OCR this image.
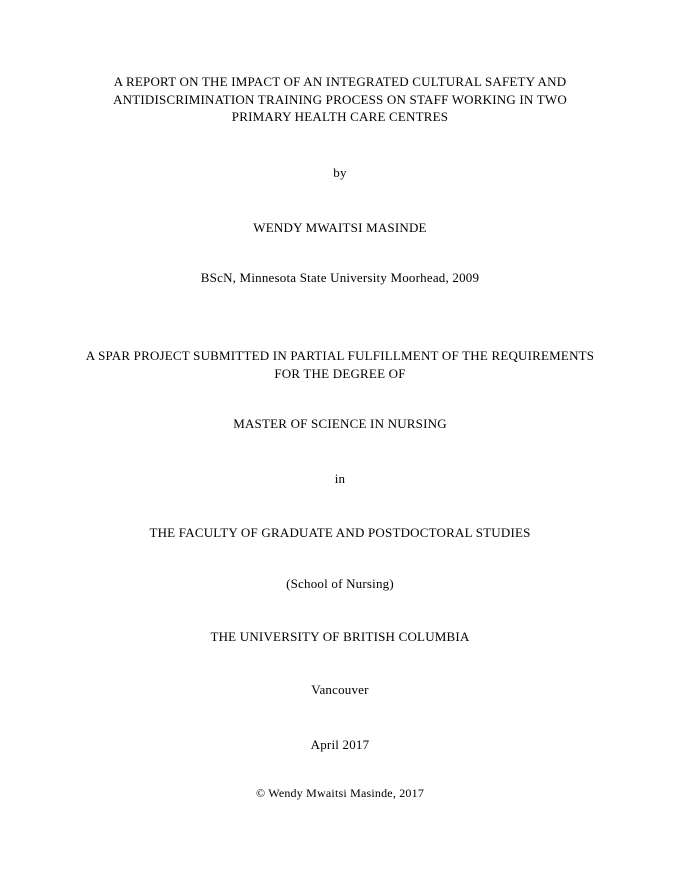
A REPORT ON THE IMPACT OF AN INTEGRATED CULTURAL SAFETY AND
ANTIDISCRIMINATION TRAINING PROCESS ON STAFF WORKING IN TWO
PRIMARY HEALTH CARE CENTRES
by
WENDY MWAITSI MASINDE
BScN, Minnesota State University Moorhead, 2009
A SPAR PROJECT SUBMITTED IN PARTIAL FULFILLMENT OF THE REQUIREMENTS
FOR THE DEGREE OF
MASTER OF SCIENCE IN NURSING
in
THE FACULTY OF GRADUATE AND POSTDOCTORAL STUDIES
(School of Nursing)
THE UNIVERSITY OF BRITISH COLUMBIA
Vancouver
April 2017
© Wendy Mwaitsi Masinde, 2017
